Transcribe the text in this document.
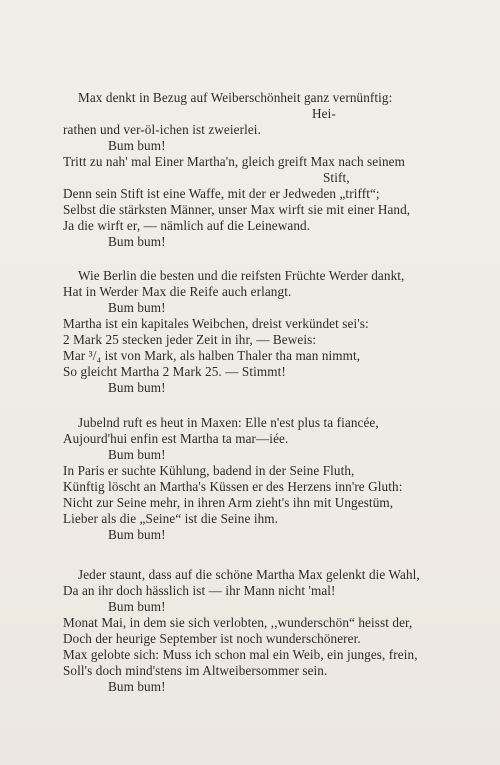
Max denkt in Bezug auf Weiberschönheit ganz vernünftig:
Hei-
rathen und ver-öl-ichen ist zweierlei.
Bum bum!
Tritt zu nah' mal Einer Martha'n, gleich greift Max nach seinem
Stift,
Denn sein Stift ist eine Waffe, mit der er Jedweden „trifft“;
Selbst die stärksten Männer, unser Max wirft sie mit einer Hand,
Ja die wirft er, — nämlich auf die Leinewand.
Bum bum!
Wie Berlin die besten und die reifsten Früchte Werder dankt,
Hat in Werder Max die Reife auch erlangt.
Bum bum!
Martha ist ein kapitales Weibchen, dreist verkündet sei's:
2 Mark 25 stecken jeder Zeit in ihr, — Beweis:
Mar ³/₄ ist von Mark, als halben Thaler tha man nimmt,
So gleicht Martha 2 Mark 25. — Stimmt!
Bum bum!
Jubelnd ruft es heut in Maxen: Elle n'est plus ta fiancée,
Aujourd'hui enfin est Martha ta mar—iée.
Bum bum!
In Paris er suchte Kühlung, badend in der Seine Fluth,
Künftig löscht an Martha's Küssen er des Herzens inn're Gluth:
Nicht zur Seine mehr, in ihren Arm zieht's ihn mit Ungestüm,
Lieber als die „Seine“ ist die Seine ihm.
Bum bum!
Jeder staunt, dass auf die schöne Martha Max gelenkt die Wahl,
Da an ihr doch hässlich ist — ihr Mann nicht 'mal!
Bum bum!
Monat Mai, in dem sie sich verlobten, ,,wunderschön“ heisst der,
Doch der heurige September ist noch wunderschönerer.
Max gelobte sich: Muss ich schon mal ein Weib, ein junges, frein,
Soll's doch mind'stens im Altweibersommer sein.
Bum bum!
